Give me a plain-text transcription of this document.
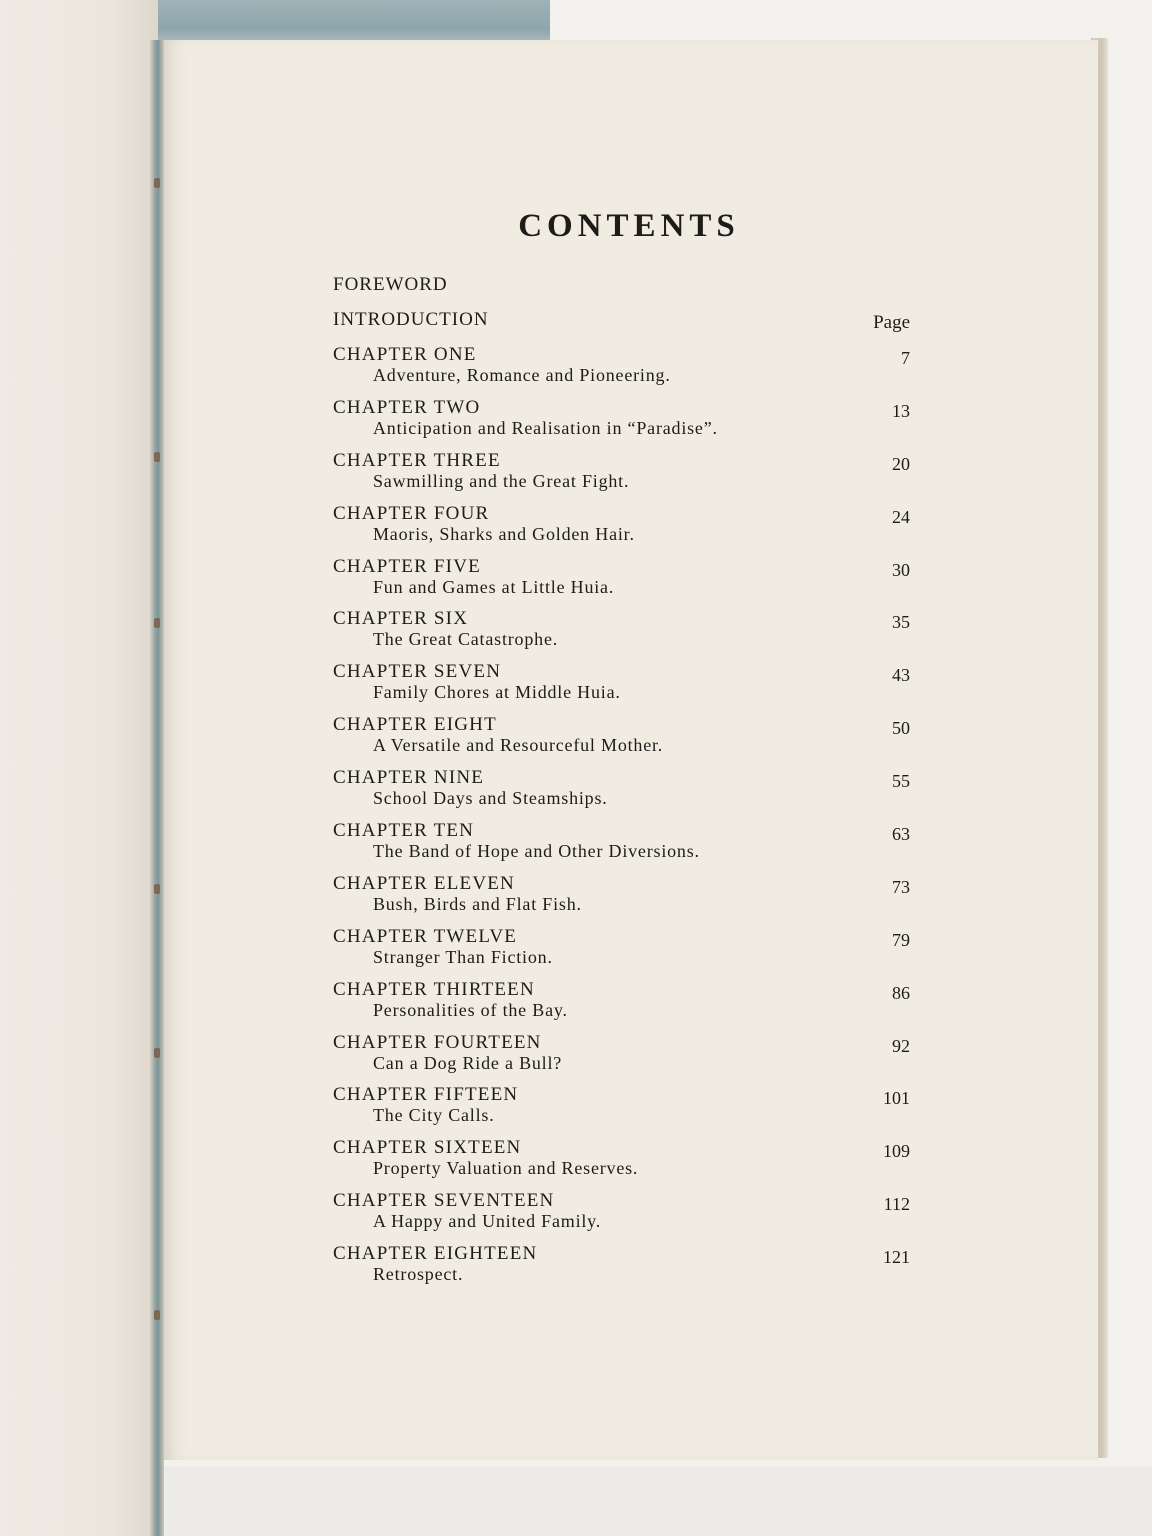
CONTENTS
FOREWORD
INTRODUCTION	Page
CHAPTER ONE
Adventure, Romance and Pioneering.
7
CHAPTER TWO
Anticipation and Realisation in “Paradise”.
13
CHAPTER THREE
Sawmilling and the Great Fight.
20
CHAPTER FOUR
Maoris, Sharks and Golden Hair.
24
CHAPTER FIVE
Fun and Games at Little Huia.
30
CHAPTER SIX
The Great Catastrophe.
35
CHAPTER SEVEN
Family Chores at Middle Huia.
43
CHAPTER EIGHT
A Versatile and Resourceful Mother.
50
CHAPTER NINE
School Days and Steamships.
55
CHAPTER TEN
The Band of Hope and Other Diversions.
63
CHAPTER ELEVEN
Bush, Birds and Flat Fish.
73
CHAPTER TWELVE
Stranger Than Fiction.
79
CHAPTER THIRTEEN
Personalities of the Bay.
86
CHAPTER FOURTEEN
Can a Dog Ride a Bull?
92
CHAPTER FIFTEEN
The City Calls.
101
CHAPTER SIXTEEN
Property Valuation and Reserves.
109
CHAPTER SEVENTEEN
A Happy and United Family.
112
CHAPTER EIGHTEEN
Retrospect.
121
